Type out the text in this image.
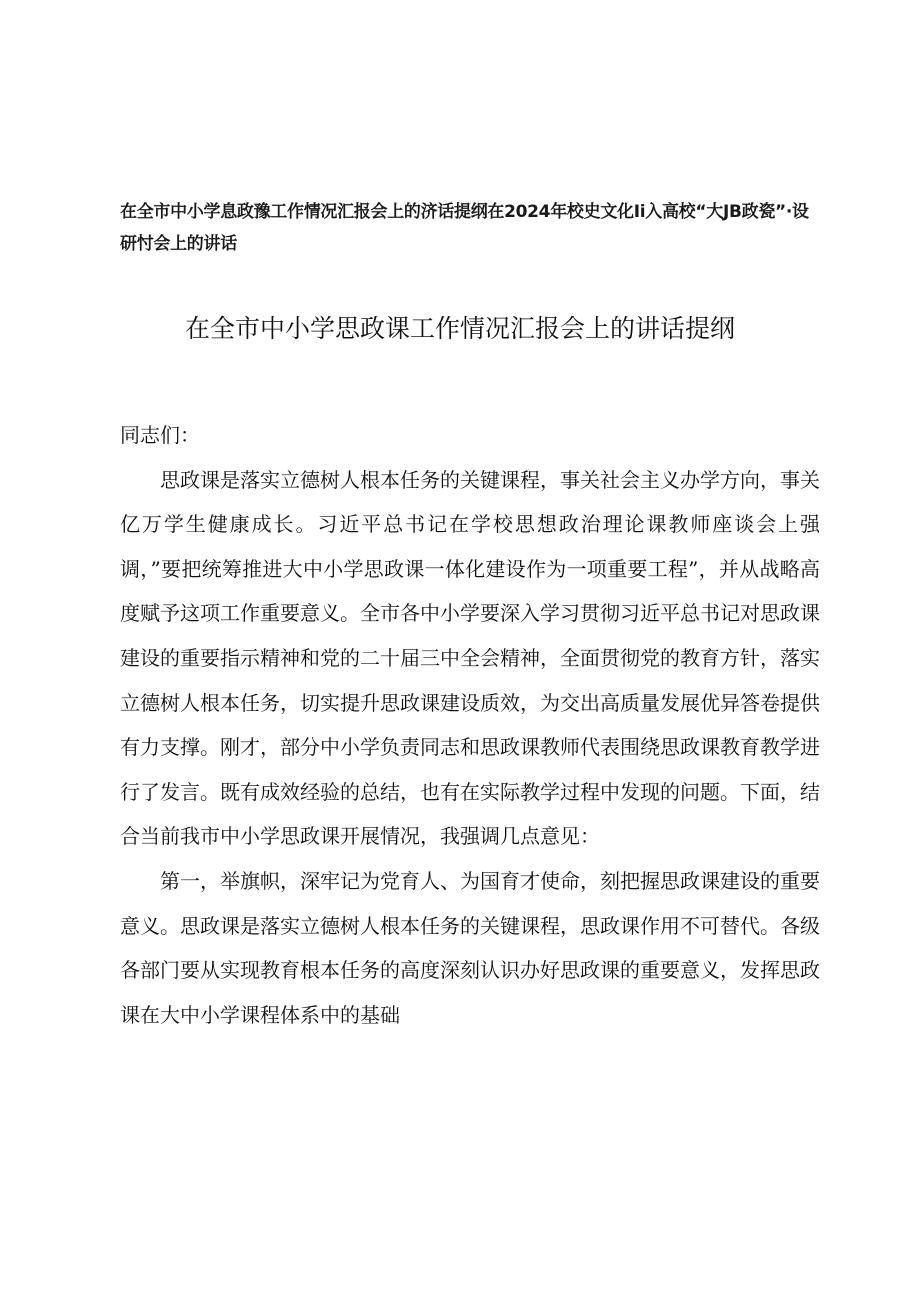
在全市中小学息政豫工作情况汇报会上的济话提纲在2024年校史文化Ii入高校“大JB政瓷”·设研忖会上的讲话
在全市中小学思政课工作情况汇报会上的讲话提纲

同志们：

思政课是落实立德树人根本任务的关键课程，事关社会主义办学方向，事关亿万学生健康成长。习近平总书记在学校思想政治理论课教师座谈会上强调，”要把统筹推进大中小学思政课一体化建设作为一项重要工程”，并从战略高度赋予这项工作重要意义。全市各中小学要深入学习贯彻习近平总书记对思政课建设的重要指示精神和党的二十届三中全会精神，全面贯彻党的教育方针，落实立德树人根本任务，切实提升思政课建设质效，为交出高质量发展优异答卷提供有力支撑。刚才，部分中小学负责同志和思政课教师代表围绕思政课教育教学进行了发言。既有成效经验的总结，也有在实际教学过程中发现的问题。下面，结合当前我市中小学思政课开展情况，我强调几点意见：

第一，举旗帜，深牢记为党育人、为国育才使命，刻把握思政课建设的重要意义。思政课是落实立德树人根本任务的关键课程，思政课作用不可替代。各级各部门要从实现教育根本任务的高度深刻认识办好思政课的重要意义，发挥思政课在大中小学课程体系中的基础
